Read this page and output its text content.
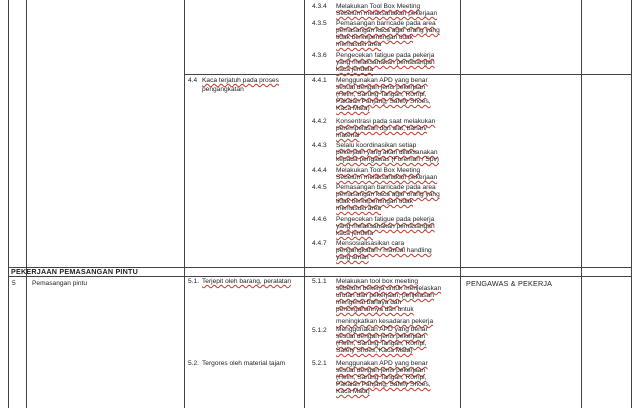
4.3.4 Melakukan Tool Box Meeting
Sebelum melaksanakan pekerjaan
4.3.5 Pemasangan barricade pada area
pemasangan kaca agar orang yang
tidak berkepentingan tidak
memasuki area
4.3.6 Pengecekan fatigue pada pekerja
yang melaksanakan pemasangan
kaca jendela
4.4 Kaca terjatuh pada proses
pengangkatan
4.4.1 Menggunakan APD yang benar
sesuai dengan jenis pekerjaan
(Helm, Sarung Tangan, Rompi,
Pakaian Panjang, Safety Shoes,
Kaca Mata)
4.4.2 Konsentrasi pada saat melakukan
perempelasan dgn alat, bahan/
material
4.4.3 Selalu koordinasikan setiap
pekerjaan yang akan dilaksanakan
kepada pengawas (Foreman / Spv)
4.4.4 Melakukan Tool Box Meeting
Sebelum melaksanakan pekerjaan
4.4.5 Pemasangan barricade pada area
pemasangan kaca agar orang yang
tidak berkepentingan tidak
memasuki area
4.4.6 Pengecekan fatigue pada pekerja
yang melaksanakan pemasangan
kaca jendela
4.4.7 Mensosialisasikan cara
pengangkatan / manual handling
yang aman
PEKERJAAN PEMASANGAN PINTU
5 Pemasangan pintu	PENGAWAS & PEKERJA
5.1. Terjepit oleh barang, peralatan
5.2. Tergores oleh material tajam
5.1.1 Melakukan tool box meeting
sebelum bekerja untuk menjelaskan
urutan dari pekerjaan, penjelasan
mengenai bahaya dan
pencegahannya dan untuk
meningkatkan kesadaran pekerja
5.1.2 Menggunakan APD yang benar
sesuai dengan jenis pekerjaan
(Helm, Sarung Tangan, Rompi,
Safety Shoes, Kaca Mata)
5.2.1 Menggunakan APD yang benar
sesuai dengan jenis pekerjaan
(Helm, Sarung Tangan, Rompi,
Pakaian Panjang, Safety Shoes,
Kaca Mata)
